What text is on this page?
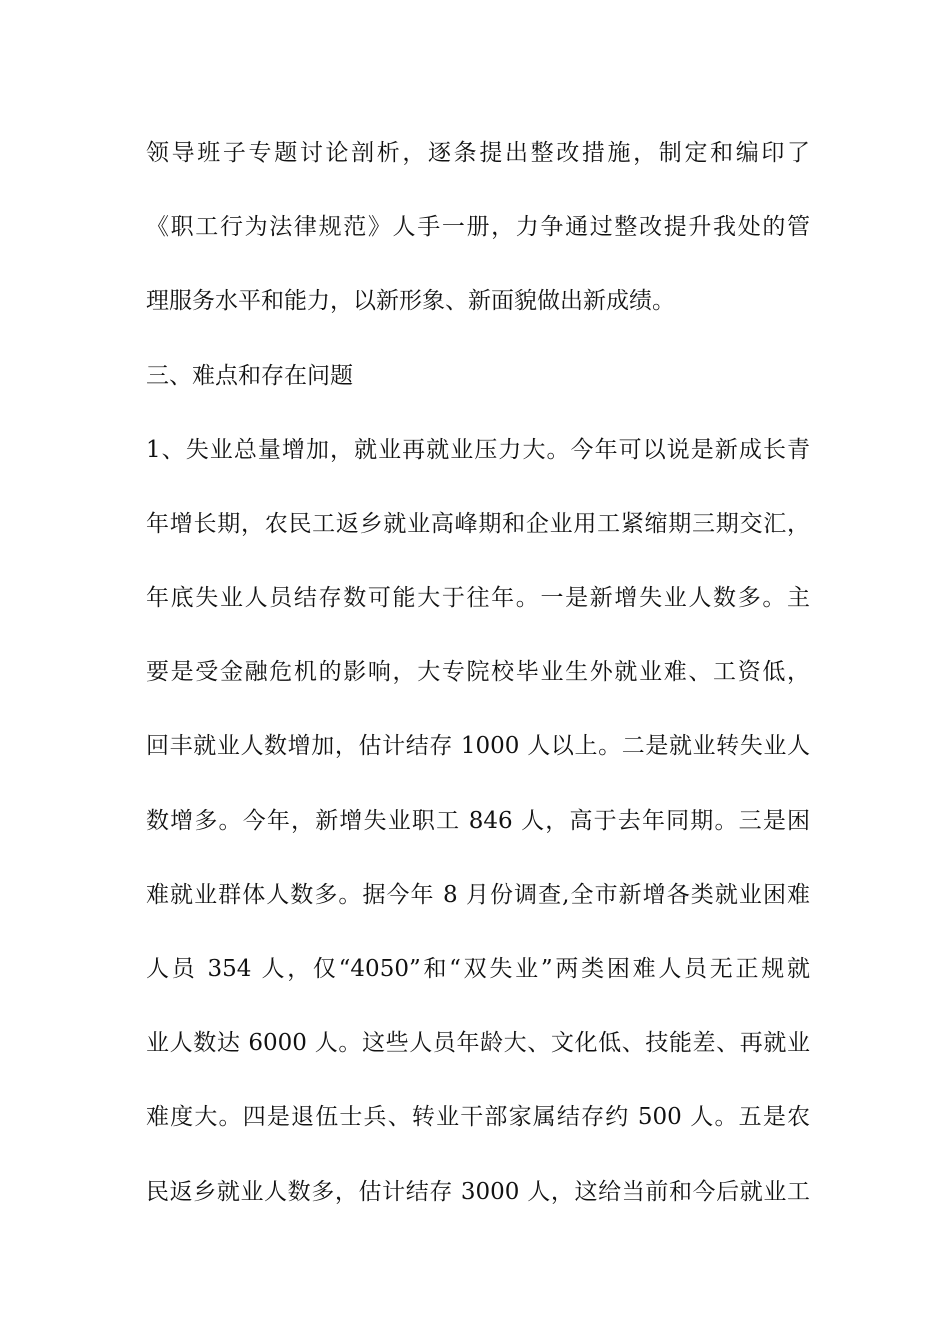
领导班子专题讨论剖析，逐条提出整改措施，制定和编印了
《职工行为法律规范》人手一册，力争通过整改提升我处的管
理服务水平和能力，以新形象、新面貌做出新成绩。
三、难点和存在问题
1、失业总量增加，就业再就业压力大。今年可以说是新成长青
年增长期，农民工返乡就业高峰期和企业用工紧缩期三期交汇，
年底失业人员结存数可能大于往年。一是新增失业人数多。主
要是受金融危机的影响，大专院校毕业生外就业难、工资低，
回丰就业人数增加，估计结存 1000 人以上。二是就业转失业人
数增多。今年，新增失业职工 846 人，高于去年同期。三是困
难就业群体人数多。据今年 8 月份调查,全市新增各类就业困难
人员 354 人，仅“4050”和“双失业”两类困难人员无正规就
业人数达 6000 人。这些人员年龄大、文化低、技能差、再就业
难度大。四是退伍士兵、转业干部家属结存约 500 人。五是农
民返乡就业人数多，估计结存 3000 人，这给当前和今后就业工
